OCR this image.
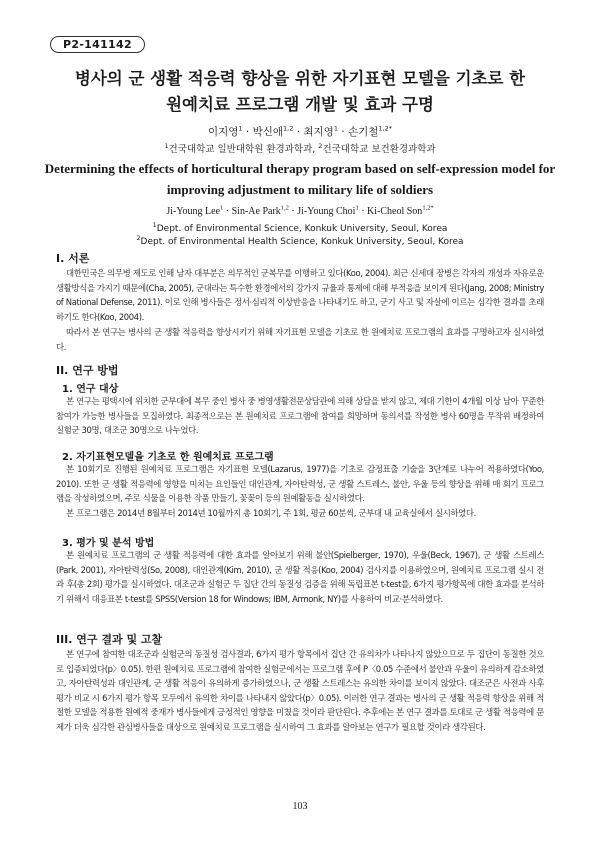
P2-141142
병사의 군 생활 적응력 향상을 위한 자기표현 모델을 기초로 한
원예치료 프로그램 개발 및 효과 구명
이지영$^1$ · 박신애$^{1,2}$ · 최지영$^1$ · 손기철$^{1,2*}$
$^1$건국대학교 일반대학원 환경과학과, $^2$건국대학교 보건환경과학과
Determining the effects of horticultural therapy program based on self-expression model for
improving adjustment to military life of soldiers
Ji-Young Lee$^1$ · Sin-Ae Park$^{1,2}$ · Ji-Young Choi$^1$ · Ki-Cheol Son$^{1,2*}$
$^1$Dept. of Environmental Science, Konkuk University, Seoul, Korea
$^2$Dept. of Environmental Health Science, Konkuk University, Seoul, Korea
I. 서론
대한민국은 의무병 제도로 인해 남자 대부분은 의무적인 군복무를 이행하고 있다(Koo, 2004). 최근 신세대 장병은 각자의 개성과 자유로운 생활방식을 가지기 때문에(Cha, 2005), 군대라는 특수한 환경에서의 강가지 규율과 통제에 대해 부적응을 보이게 된다(Jang, 2008; Ministry of National Defense, 2011). 이로 인해 병사들은 정서·심리적 이상반응을 나타내기도 하고, 군기 사고 및 자살에 이르는 심각한 결과를 초래하기도 한다(Koo, 2004).
따라서 본 연구는 병사의 군 생활 적응력을 향상시키기 위해 자기표현 모델을 기초로 한 원예치료 프로그램의 효과를 구명하고자 실시하였다.
II. 연구 방법
1. 연구 대상
본 연구는 평택시에 위치한 군부대에 복무 중인 병사 중 병영생활전문상담관에 의해 상담을 받지 않고, 제대 기한이 4개월 이상 남아 꾸준한 참여가 가능한 병사들을 모집하였다. 최종적으로는 본 원예치료 프로그램에 참여를 희망하며 동의서를 작성한 병사 60명을 무작위 배정하여 실험군 30명, 대조군 30명으로 나누었다.
2. 자기표현모델을 기초로 한 원예치료 프로그램
본 10회기로 진행된 원예치료 프로그램은 자기표현 모델(Lazarus, 1977)을 기초로 감정표출 기술을 3단계로 나누어 적용하였다(Yoo, 2010). 또한 군 생활 적응력에 영향을 미치는 요인들인 대인관계, 자아탄력성, 군 생활 스트레스, 불안, 우울 등의 향상을 위해 매 회기 프로그램을 작성하였으며, 주로 식물을 이용한 작품 만들기, 꽃꽂이 등의 원예활동을 실시하였다.
본 프로그램은 2014년 8월부터 2014년 10월까지 총 10회기, 주 1회, 평균 60분씩, 군부대 내 교육실에서 실시하였다.
3. 평가 및 분석 방법
본 원예치료 프로그램의 군 생활 적응력에 대한 효과를 알아보기 위해 불안(Spielberger, 1970), 우울(Beck, 1967), 군 생활 스트레스(Park, 2001), 자아탄력성(So, 2008), 대인관계(Kim, 2010), 군 생활 적응(Koo, 2004) 검사지를 이용하였으며, 원예치료 프로그램 실시 전과 후(총 2회) 평가를 실시하였다. 대조군과 실험군 두 집단 간의 동질성 검증을 위해 독립표본 t-test를, 6가지 평가항목에 대한 효과를 분석하기 위해서 대응표본 t-test를 SPSS(Version 18 for Windows; IBM, Armonk, NY)를 사용하여 비교·분석하였다.
III. 연구 결과 및 고찰
본 연구에 참여한 대조군과 실험군의 동질성 검사결과, 6가지 평가 항목에서 집단 간 유의차가 나타나지 않았으므로 두 집단이 동질한 것으로 입증되었다(p〉0.05). 한편 원예치료 프로그램에 참여한 실험군에서는 프로그램 후에 P〈0.05 수준에서 불안과 우울이 유의하게 감소하였고, 자아탄력성과 대인관계, 군 생활 적응이 유의하게 증가하였으나, 군 생활 스트레스는 유의한 차이를 보이지 않았다. 대조군은 사전과 사후 평가 비교 시 6가지 평가 항목 모두에서 유의한 차이를 나타내지 않았다(p〉0.05). 이러한 연구 결과는 병사의 군 생활 적응력 향상을 위해 적절한 모델을 적용한 원예적 중재가 병사들에게 긍정적인 영향을 미쳤을 것이라 판단된다. 추후에는 본 연구 결과를 토대로 군 생활 적응력에 문제가 더욱 심각한 관심병사들을 대상으로 원예치료 프로그램을 실시하여 그 효과를 알아보는 연구가 필요할 것이라 생각된다.
103
